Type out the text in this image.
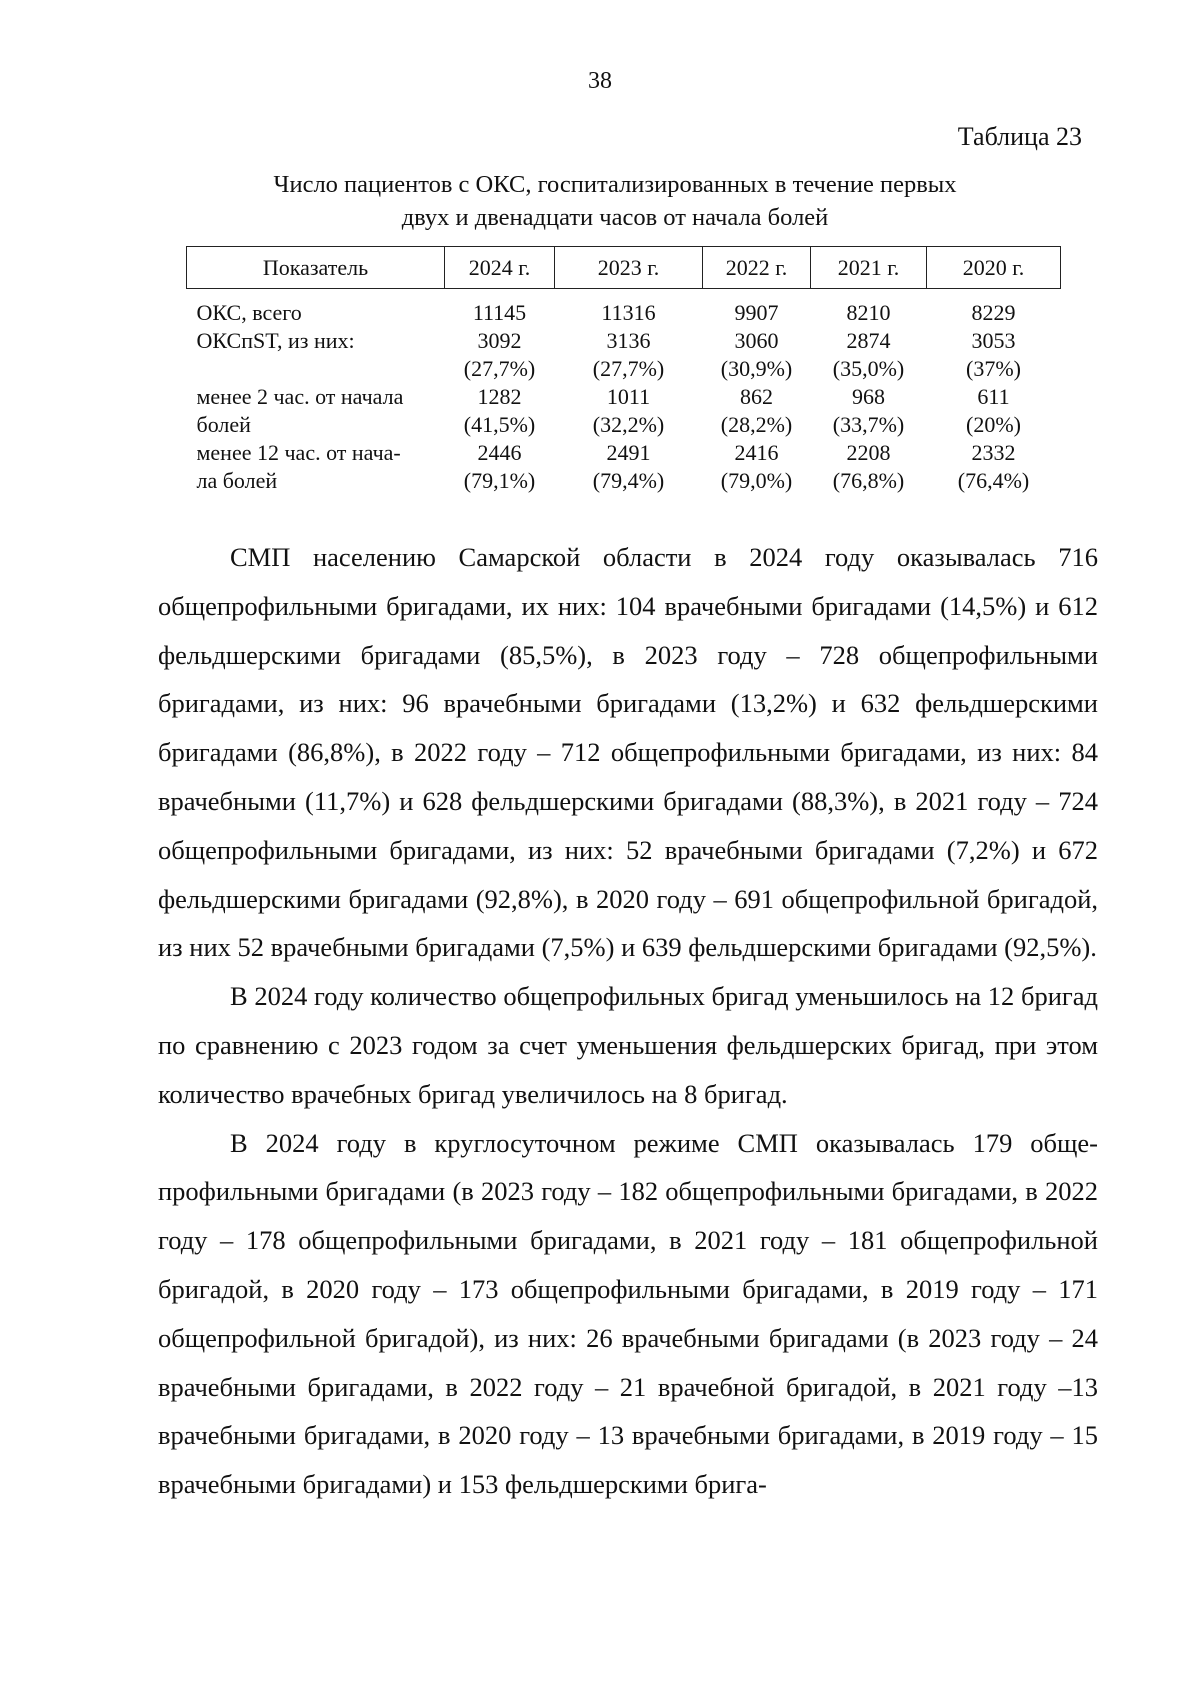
38
Таблица 23
Число пациентов с ОКС, госпитализированных в течение первых
двух и двенадцати часов от начала болей
Показатель	2024 г.	2023 г.	2022 г.	2021 г.	2020 г.
ОКС, всего	11145	11316	9907	8210	8229
ОКСпST, из них:	3092	3136	3060	2874	3053
	(27,7%)	(27,7%)	(30,9%)	(35,0%)	(37%)
менее 2 час. от начала	1282	1011	862	968	611
болей	(41,5%)	(32,2%)	(28,2%)	(33,7%)	(20%)
менее 12 час. от нача-	2446	2491	2416	2208	2332
ла болей	(79,1%)	(79,4%)	(79,0%)	(76,8%)	(76,4%)

СМП населению Самарской области в 2024 году оказывалась 716 общепрофильными бригадами, их них: 104 врачебными бригадами (14,5%) и 612 фельдшерскими бригадами (85,5%), в 2023 году – 728 общепрофильными бригадами, из них: 96 врачебными бригадами (13,2%) и 632 фельдшерскими бригадами (86,8%), в 2022 году – 712 общепрофильными бригадами, из них: 84 врачебными (11,7%) и 628 фельдшерскими бригадами (88,3%), в 2021 году – 724 общепрофильными бригадами, из них: 52 врачебными бригадами (7,2%) и 672 фельдшерскими бригадами (92,8%), в 2020 году – 691 общепрофильной бригадой, из них 52 врачебными бригадами (7,5%) и 639 фельдшерскими бригадами (92,5%).

В 2024 году количество общепрофильных бригад уменьшилось на 12 бригад по сравнению с 2023 годом за счет уменьшения фельдшерских бригад, при этом количество врачебных бригад увеличилось на 8 бригад.

В 2024 году в круглосуточном режиме СМП оказывалась 179 общепрофильными бригадами (в 2023 году – 182 общепрофильными бригадами, в 2022 году – 178 общепрофильными бригадами, в 2021 году – 181 общепрофильной бригадой, в 2020 году – 173 общепрофильными бригадами, в 2019 году – 171 общепрофильной бригадой), из них: 26 врачебными бригадами (в 2023 году – 24 врачебными бригадами, в 2022 году – 21 врачебной бригадой, в 2021 году –13 врачебными бригадами, в 2020 году – 13 врачебными бригадами, в 2019 году – 15 врачебными бригадами) и 153 фельдшерскими брига-
